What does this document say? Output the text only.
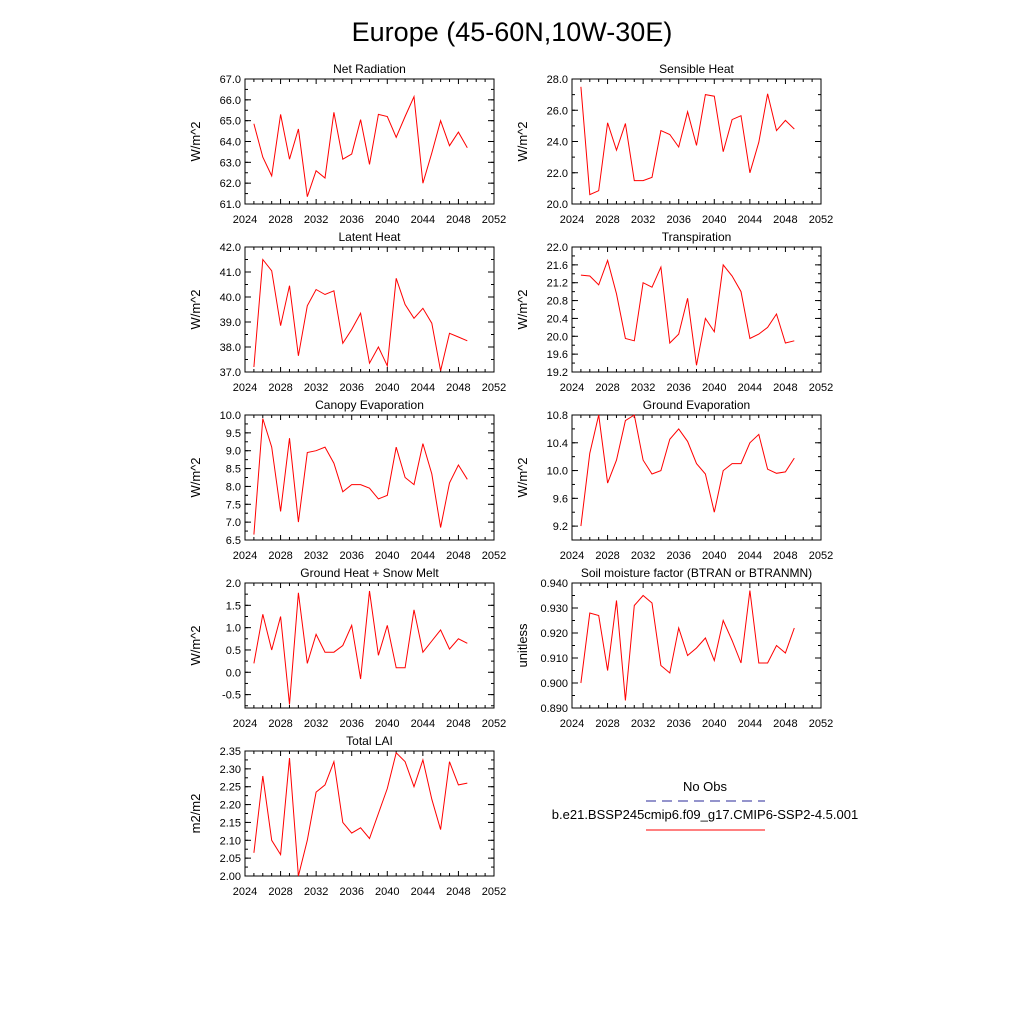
Europe (45-60N,10W-30E)
Net Radiation
W/m^2
2024 2028 2032 2036 2040 2044 2048 2052
61.0
62.0
63.0
64.0
65.0
66.0
67.0
Sensible Heat
W/m^2
2024 2028 2032 2036 2040 2044 2048 2052
20.0
22.0
24.0
26.0
28.0
Latent Heat
W/m^2
2024 2028 2032 2036 2040 2044 2048 2052
37.0
38.0
39.0
40.0
41.0
42.0
Transpiration
W/m^2
2024 2028 2032 2036 2040 2044 2048 2052
19.2
19.6
20.0
20.4
20.8
21.2
21.6
22.0
Canopy Evaporation
W/m^2
2024 2028 2032 2036 2040 2044 2048 2052
6.5
7.0
7.5
8.0
8.5
9.0
9.5
10.0
Ground Evaporation
W/m^2
2024 2028 2032 2036 2040 2044 2048 2052
9.2
9.6
10.0
10.4
10.8
Ground Heat + Snow Melt
W/m^2
2024 2028 2032 2036 2040 2044 2048 2052
-0.5
0.0
0.5
1.0
1.5
2.0
Soil moisture factor (BTRAN or BTRANMN)
unitless
2024 2028 2032 2036 2040 2044 2048 2052
0.890
0.900
0.910
0.920
0.930
0.940
Total LAI
m2/m2
2024 2028 2032 2036 2040 2044 2048 2052
2.00
2.05
2.10
2.15
2.20
2.25
2.30
2.35
No Obs
b.e21.BSSP245cmip6.f09_g17.CMIP6-SSP2-4.5.001
